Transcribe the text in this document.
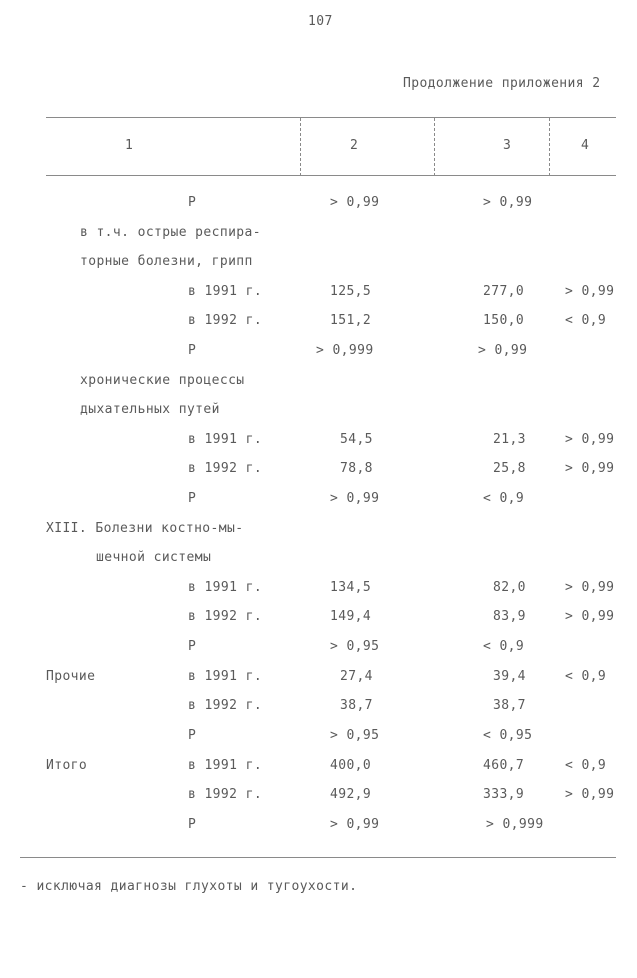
107
Продолжение приложения 2
1	2	3	4
P	> 0,99	> 0,99
в т.ч. острые респира-
торные болезни, грипп
в 1991 г.	125,5	277,0	> 0,99
в 1992 г.	151,2	150,0	< 0,9
P	> 0,999	> 0,99
хронические процессы
дыхательных путей
в 1991 г.	54,5	21,3	> 0,99
в 1992 г.	78,8	25,8	> 0,99
P	> 0,99	< 0,9
XIII. Болезни костно-мы-
шечной системы
в 1991 г.	134,5	82,0	> 0,99
в 1992 г.	149,4	83,9	> 0,99
P	> 0,95	< 0,9
Прочие	в 1991 г.	27,4	39,4	< 0,9
в 1992 г.	38,7	38,7
P	> 0,95	< 0,95
Итого	в 1991 г.	400,0	460,7	< 0,9
в 1992 г.	492,9	333,9	> 0,99
P	> 0,99	> 0,999
- исключая диагнозы глухоты и тугоухости.
